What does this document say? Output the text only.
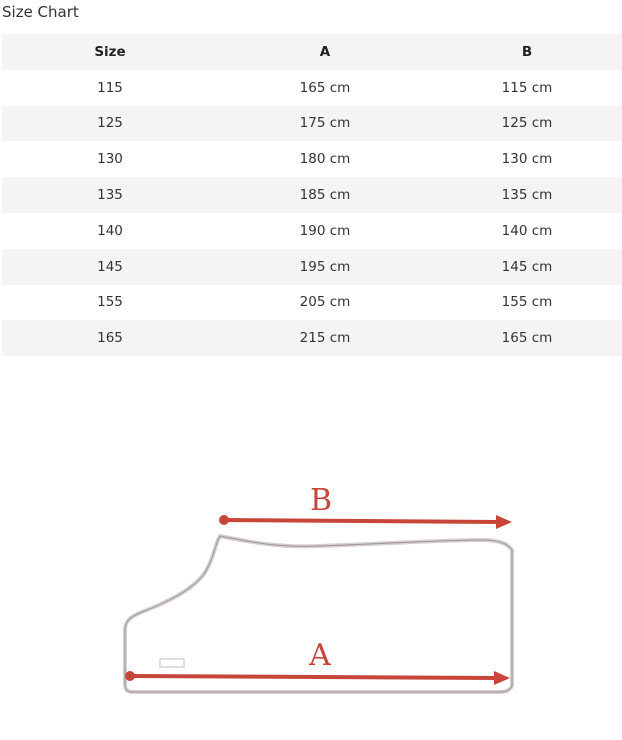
Size Chart
Size	A	B
115	165 cm	115 cm
125	175 cm	125 cm
130	180 cm	130 cm
135	185 cm	135 cm
140	190 cm	140 cm
145	195 cm	145 cm
155	205 cm	155 cm
165	215 cm	165 cm
B
A
